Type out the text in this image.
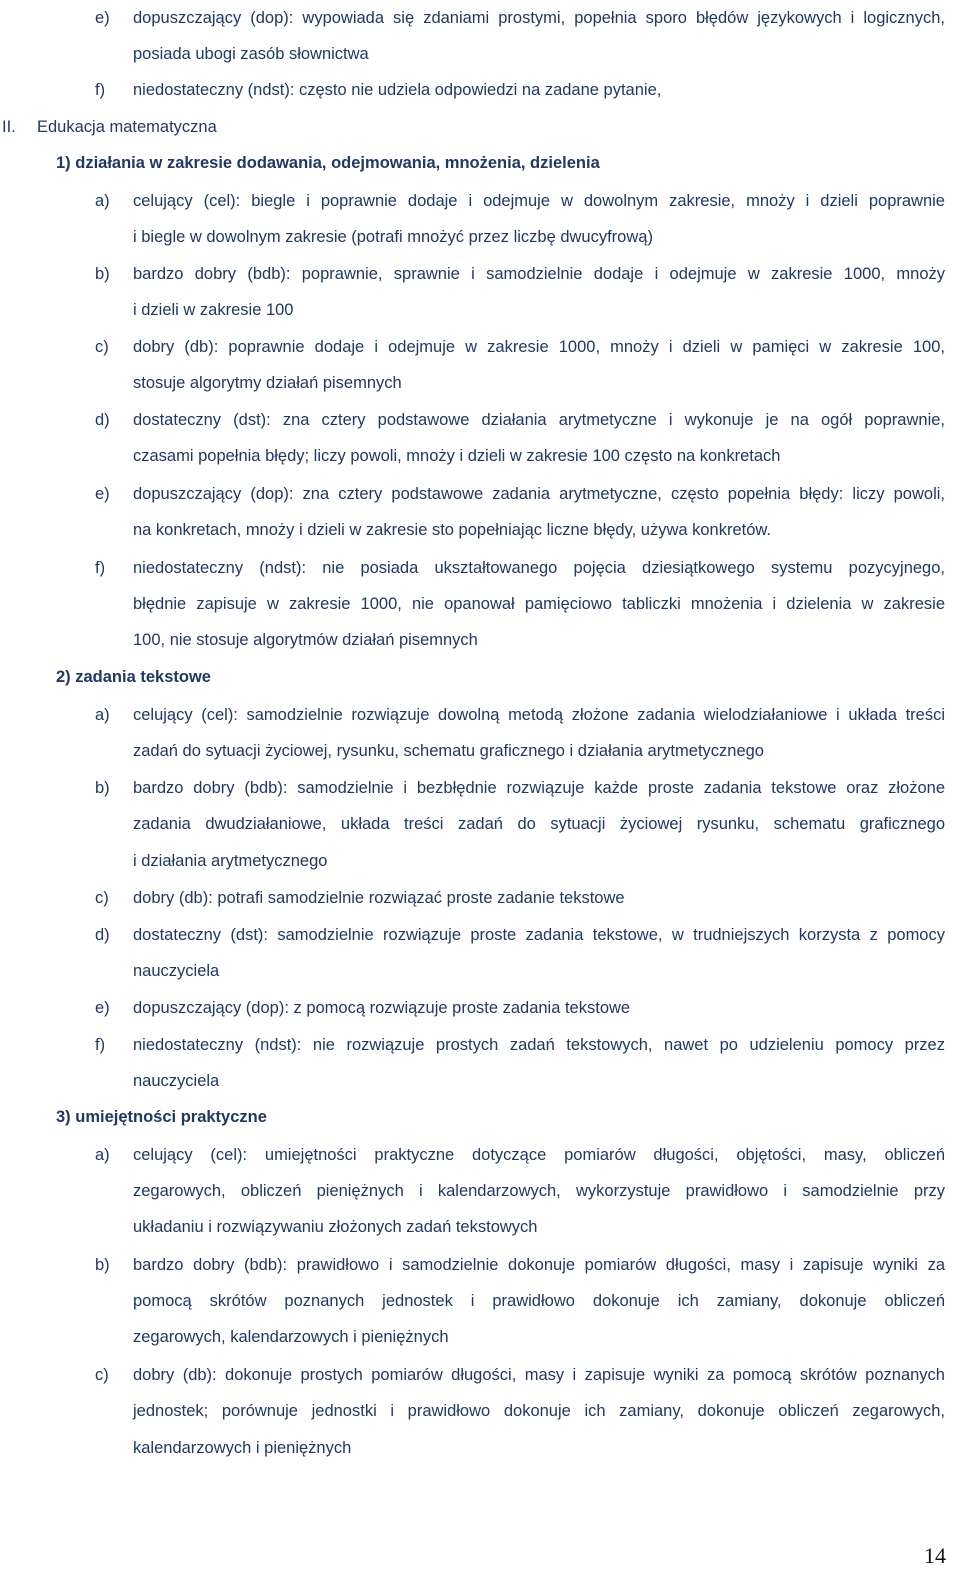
e) dopuszczający (dop): wypowiada się zdaniami prostymi, popełnia sporo błędów językowych i logicznych,
posiada ubogi zasób słownictwa
f) niedostateczny (ndst): często nie udziela odpowiedzi na zadane pytanie,
II. Edukacja matematyczna
1) działania w zakresie dodawania, odejmowania, mnożenia, dzielenia
a) celujący (cel): biegle i poprawnie dodaje i odejmuje w dowolnym zakresie, mnoży i dzieli poprawnie
i biegle w dowolnym zakresie (potrafi mnożyć przez liczbę dwucyfrową)
b) bardzo dobry (bdb): poprawnie, sprawnie i samodzielnie dodaje i odejmuje w zakresie 1000, mnoży
i dzieli w zakresie 100
c) dobry (db): poprawnie dodaje i odejmuje w zakresie 1000, mnoży i dzieli w pamięci w zakresie 100,
stosuje algorytmy działań pisemnych
d) dostateczny (dst): zna cztery podstawowe działania arytmetyczne i wykonuje je na ogół poprawnie,
czasami popełnia błędy; liczy powoli, mnoży i dzieli w zakresie 100 często na konkretach
e) dopuszczający (dop): zna cztery podstawowe zadania arytmetyczne, często popełnia błędy: liczy powoli,
na konkretach, mnoży i dzieli w zakresie sto popełniając liczne błędy, używa konkretów.
f) niedostateczny (ndst): nie posiada ukształtowanego pojęcia dziesiątkowego systemu pozycyjnego,
błędnie zapisuje w zakresie 1000, nie opanował pamięciowo tabliczki mnożenia i dzielenia w zakresie
100, nie stosuje algorytmów działań pisemnych
2) zadania tekstowe
a) celujący (cel): samodzielnie rozwiązuje dowolną metodą złożone zadania wielodziałaniowe i układa treści
zadań do sytuacji życiowej, rysunku, schematu graficznego i działania arytmetycznego
b) bardzo dobry (bdb): samodzielnie i bezbłędnie rozwiązuje każde proste zadania tekstowe oraz złożone
zadania dwudziałaniowe, układa treści zadań do sytuacji życiowej rysunku, schematu graficznego
i działania arytmetycznego
c) dobry (db): potrafi samodzielnie rozwiązać proste zadanie tekstowe
d) dostateczny (dst): samodzielnie rozwiązuje proste zadania tekstowe, w trudniejszych korzysta z pomocy
nauczyciela
e) dopuszczający (dop): z pomocą rozwiązuje proste zadania tekstowe
f) niedostateczny (ndst): nie rozwiązuje prostych zadań tekstowych, nawet po udzieleniu pomocy przez
nauczyciela
3) umiejętności praktyczne
a) celujący (cel): umiejętności praktyczne dotyczące pomiarów długości, objętości, masy, obliczeń
zegarowych, obliczeń pieniężnych i kalendarzowych, wykorzystuje prawidłowo i samodzielnie przy
układaniu i rozwiązywaniu złożonych zadań tekstowych
b) bardzo dobry (bdb): prawidłowo i samodzielnie dokonuje pomiarów długości, masy i zapisuje wyniki za
pomocą skrótów poznanych jednostek i prawidłowo dokonuje ich zamiany, dokonuje obliczeń
zegarowych, kalendarzowych i pieniężnych
c) dobry (db): dokonuje prostych pomiarów długości, masy i zapisuje wyniki za pomocą skrótów poznanych
jednostek; porównuje jednostki i prawidłowo dokonuje ich zamiany, dokonuje obliczeń zegarowych,
kalendarzowych i pieniężnych
14
